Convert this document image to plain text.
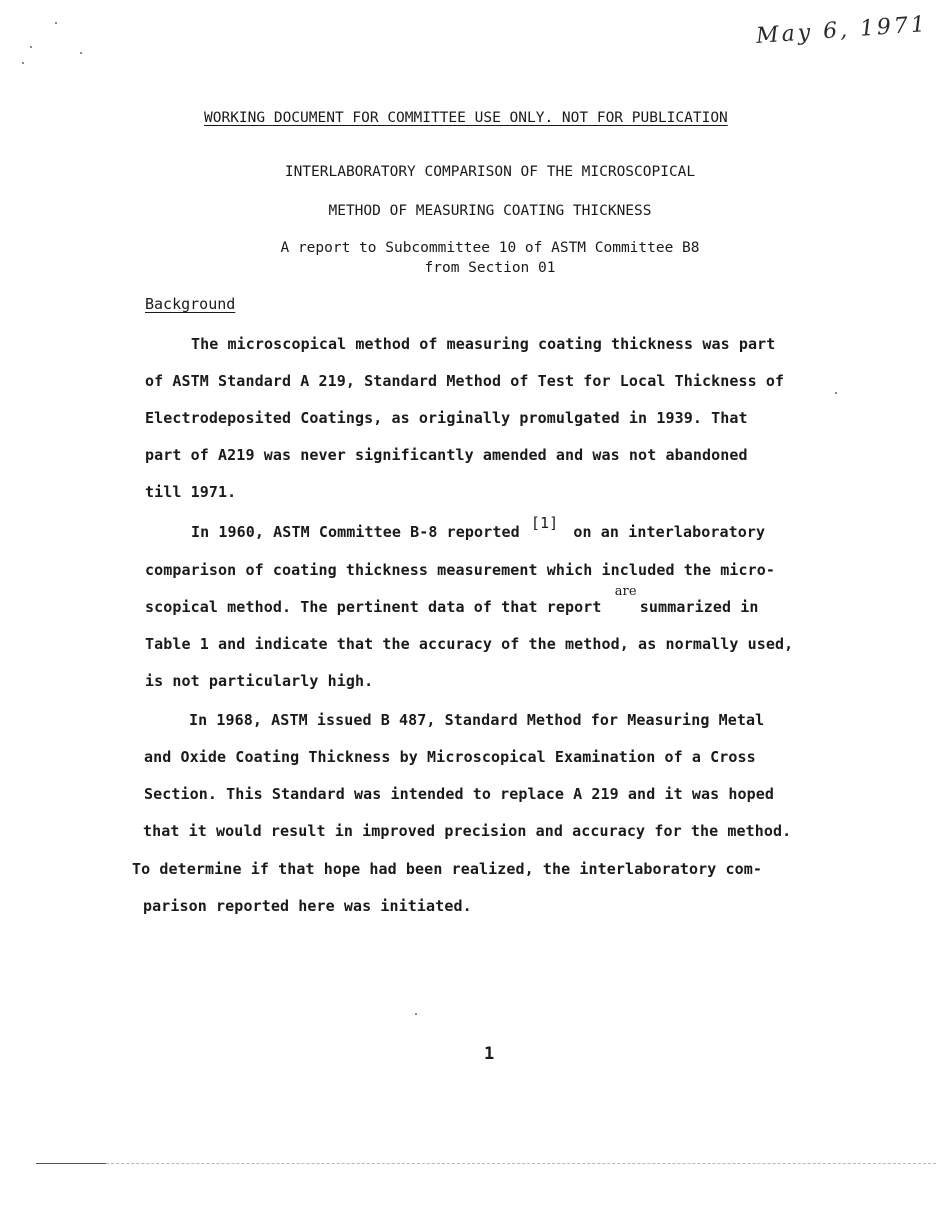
May 6, 1971
WORKING DOCUMENT FOR COMMITTEE USE ONLY. NOT FOR PUBLICATION
INTERLABORATORY COMPARISON OF THE MICROSCOPICAL
METHOD OF MEASURING COATING THICKNESS
A report to Subcommittee 10 of ASTM Committee B8
from Section 01
Background
The microscopical method of measuring coating thickness was part
of ASTM Standard A 219, Standard Method of Test for Local Thickness of
Electrodeposited Coatings, as originally promulgated in 1939. That
part of A219 was never significantly amended and was not abandoned
till 1971.
In 1960, ASTM Committee B-8 reported [1] on an interlaboratory
comparison of coating thickness measurement which included the micro-
scopical method. The pertinent data of that report are summarized in
Table 1 and indicate that the accuracy of the method, as normally used,
is not particularly high.
In 1968, ASTM issued B 487, Standard Method for Measuring Metal
and Oxide Coating Thickness by Microscopical Examination of a Cross
Section. This Standard was intended to replace A 219 and it was hoped
that it would result in improved precision and accuracy for the method.
To determine if that hope had been realized, the interlaboratory com-
parison reported here was initiated.
1
